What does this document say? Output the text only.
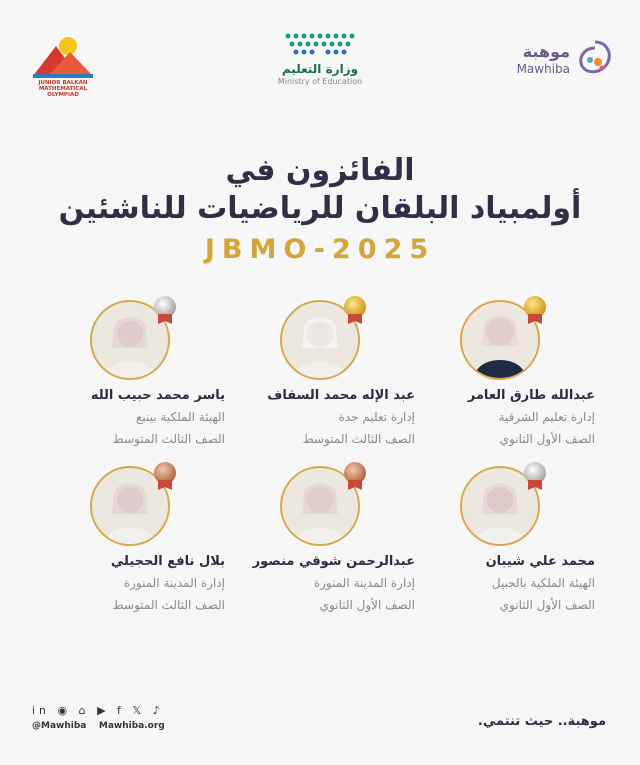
JUNIOR BALKAN MATHEMATICAL OLYMPIAD
وزارة التعليم
Ministry of Education
موهبة
Mawhiba
الفائزون في
أولمبياد البلقان للرياضيات للناشئين
JBMO-2025
عبدالله طارق العامر
إدارة تعليم الشرقية
الصف الأول الثانوي
عبد الإله محمد السقاف
إدارة تعليم جدة
الصف الثالث المتوسط
ياسر محمد حبيب الله
الهيئة الملكية بينبع
الصف الثالث المتوسط
محمد علي شيبان
الهيئة الملكية بالجبيل
الصف الأول الثانوي
عبدالرحمن شوقي منصور
إدارة المدينة المنورة
الصف الأول الثانوي
بلال نافع الحجيلي
إدارة المدينة المنورة
الصف الثالث المتوسط
in ◉ ⌂ ▶ f 𝕏 ♪
@Mawhiba Mawhiba.org	موهبة.. حيث تنتمي.
